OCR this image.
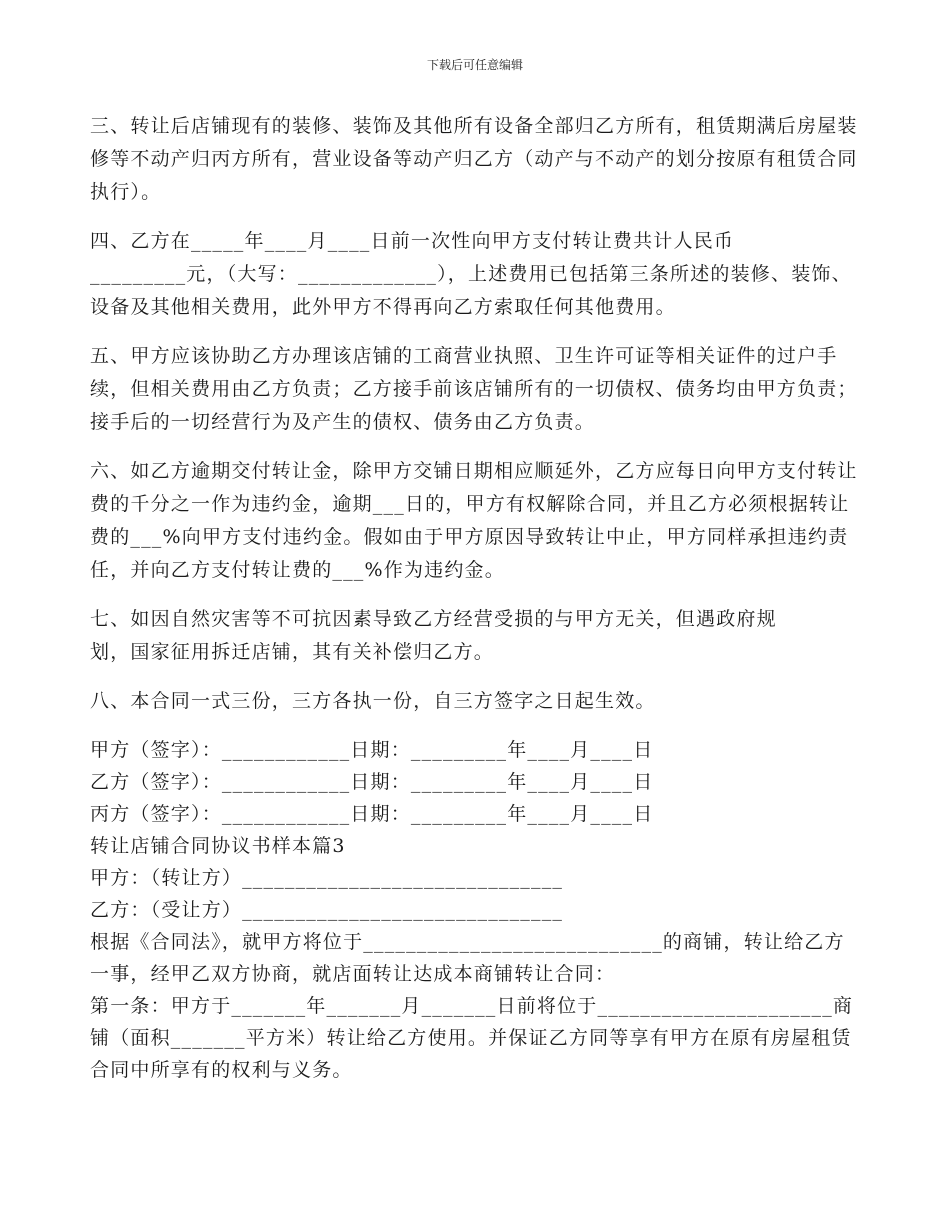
下载后可任意编辑

三、转让后店铺现有的装修、装饰及其他所有设备全部归乙方所有，租赁期满后房屋装修等不动产归丙方所有，营业设备等动产归乙方（动产与不动产的划分按原有租赁合同执行）。

四、乙方在_____年____月____日前一次性向甲方支付转让费共计人民币
_________元，（大写：_____________），上述费用已包括第三条所述的装修、装饰、设备及其他相关费用，此外甲方不得再向乙方索取任何其他费用。

五、甲方应该协助乙方办理该店铺的工商营业执照、卫生许可证等相关证件的过户手续，但相关费用由乙方负责；乙方接手前该店铺所有的一切债权、债务均由甲方负责；接手后的一切经营行为及产生的债权、债务由乙方负责。

六、如乙方逾期交付转让金，除甲方交铺日期相应顺延外，乙方应每日向甲方支付转让费的千分之一作为违约金，逾期___日的，甲方有权解除合同，并且乙方必须根据转让费的___%向甲方支付违约金。假如由于甲方原因导致转让中止，甲方同样承担违约责任，并向乙方支付转让费的___%作为违约金。

七、如因自然灾害等不可抗因素导致乙方经营受损的与甲方无关，但遇政府规
划，国家征用拆迁店铺，其有关补偿归乙方。

八、本合同一式三份，三方各执一份，自三方签字之日起生效。

甲方（签字）：____________日期：_________年____月____日

乙方（签字）：____________日期：_________年____月____日

丙方（签字）：____________日期：_________年____月____日

转让店铺合同协议书样本篇3

甲方：（转让方）______________________________

乙方：（受让方）______________________________

根据《合同法》，就甲方将位于____________________________的商铺，转让给乙方一事，经甲乙双方协商，就店面转让达成本商铺转让合同：

第一条：甲方于_______年_______月_______日前将位于______________________商铺（面积_______平方米）转让给乙方使用。并保证乙方同等享有甲方在原有房屋租赁合同中所享有的权利与义务。
